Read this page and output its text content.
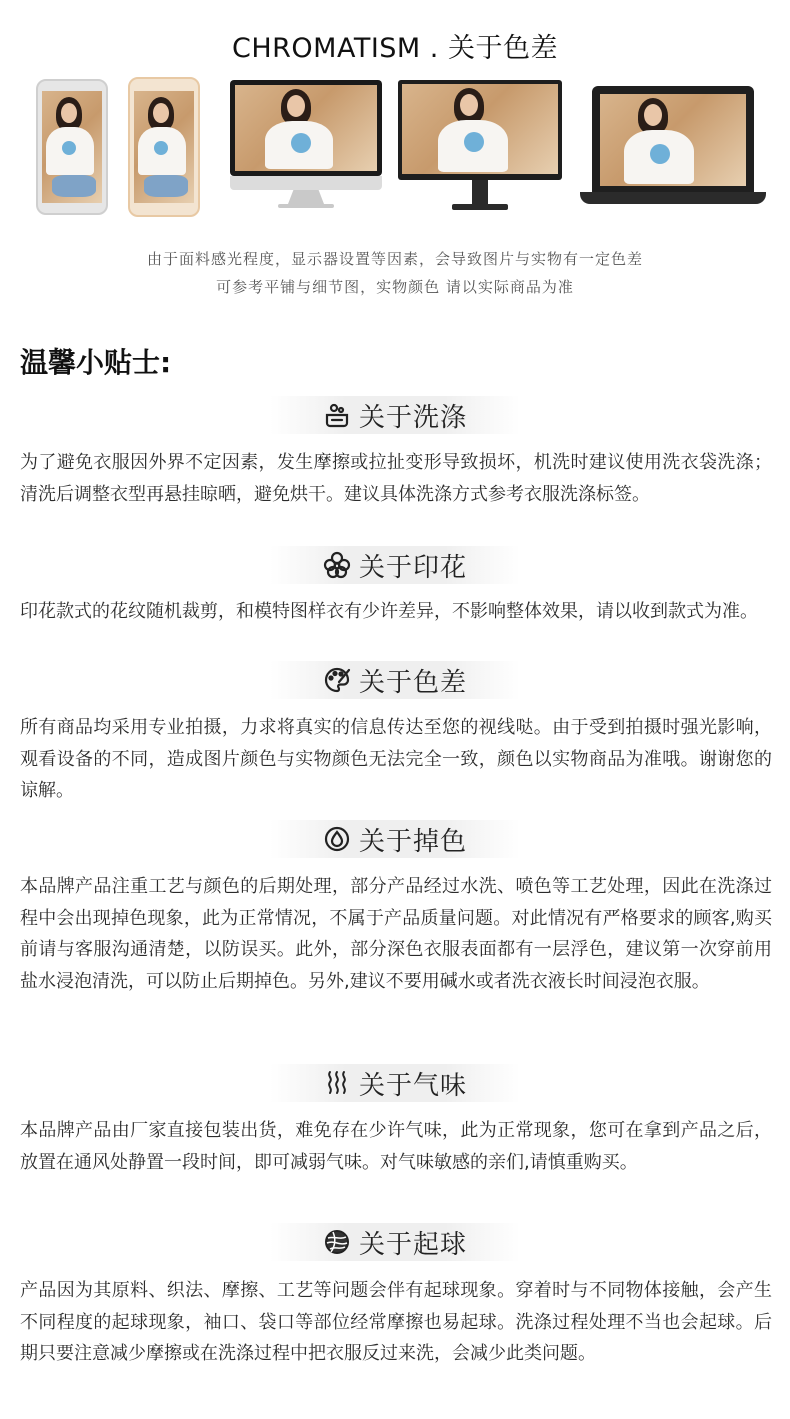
CHROMATISM . 关于色差
由于面料感光程度，显示器设置等因素，会导致图片与实物有一定色差
可参考平铺与细节图，实物颜色 请以实际商品为准
温馨小贴士:
关于洗涤
为了避免衣服因外界不定因素，发生摩擦或拉扯变形导致损坏，机洗时建议使用洗衣袋洗涤；清洗后调整衣型再悬挂晾晒，避免烘干。建议具体洗涤方式参考衣服洗涤标签。
关于印花
印花款式的花纹随机裁剪，和模特图样衣有少许差异，不影响整体效果，请以收到款式为准。
关于色差
所有商品均采用专业拍摄，力求将真实的信息传达至您的视线哒。由于受到拍摄时强光影响，观看设备的不同，造成图片颜色与实物颜色无法完全一致，颜色以实物商品为准哦。谢谢您的谅解。
关于掉色
本品牌产品注重工艺与颜色的后期处理，部分产品经过水洗、喷色等工艺处理，因此在洗涤过程中会出现掉色现象，此为正常情况，不属于产品质量问题。对此情况有严格要求的顾客,购买前请与客服沟通清楚，以防误买。此外，部分深色衣服表面都有一层浮色，建议第一次穿前用盐水浸泡清洗，可以防止后期掉色。另外,建议不要用碱水或者洗衣液长时间浸泡衣服。
关于气味
本品牌产品由厂家直接包装出货，难免存在少许气味，此为正常现象，您可在拿到产品之后，放置在通风处静置一段时间，即可减弱气味。对气味敏感的亲们,请慎重购买。
关于起球
产品因为其原料、织法、摩擦、工艺等问题会伴有起球现象。穿着时与不同物体接触，会产生不同程度的起球现象，袖口、袋口等部位经常摩擦也易起球。洗涤过程处理不当也会起球。后期只要注意减少摩擦或在洗涤过程中把衣服反过来洗，会减少此类问题。
